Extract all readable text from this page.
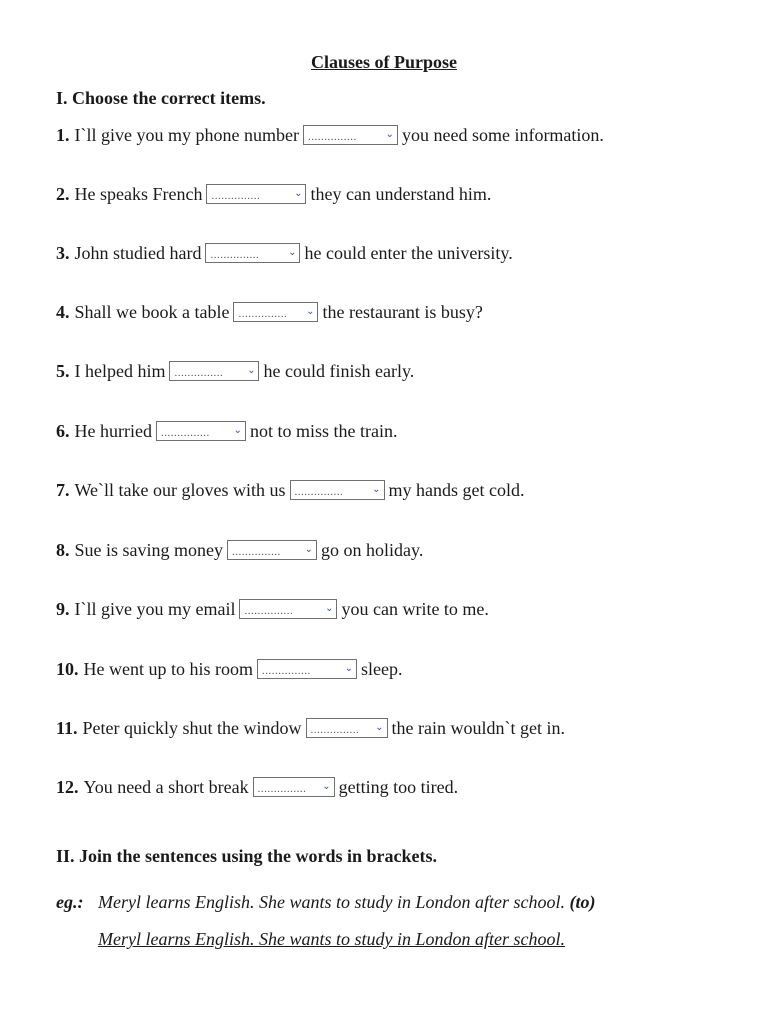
Clauses of Purpose
I. Choose the correct items.
1. I`ll give you my phone number ...............	⌄ you need some information.
2. He speaks French ...............	⌄ they can understand him.
3. John studied hard ...............	⌄ he could enter the university.
4. Shall we book a table ............... ⌄ the restaurant is busy?
5. I helped him ............... ⌄ he could finish early.
6. He hurried ............... ⌄ not to miss the train.
7. We`ll take our gloves with us ...............	⌄ my hands get cold.
8. Sue is saving money ............... ⌄ go on holiday.
9. I`ll give you my email ...............	⌄ you can write to me.
10. He went up to his room ...............	⌄ sleep.
11. Peter quickly shut the window ............... ⌄ the rain wouldn`t get in.
12. You need a short break ............... ⌄ getting too tired.
II. Join the sentences using the words in brackets.
eg.: Meryl learns English. She wants to study in London after school. (to)
Meryl learns English. She wants to study in London after school.
